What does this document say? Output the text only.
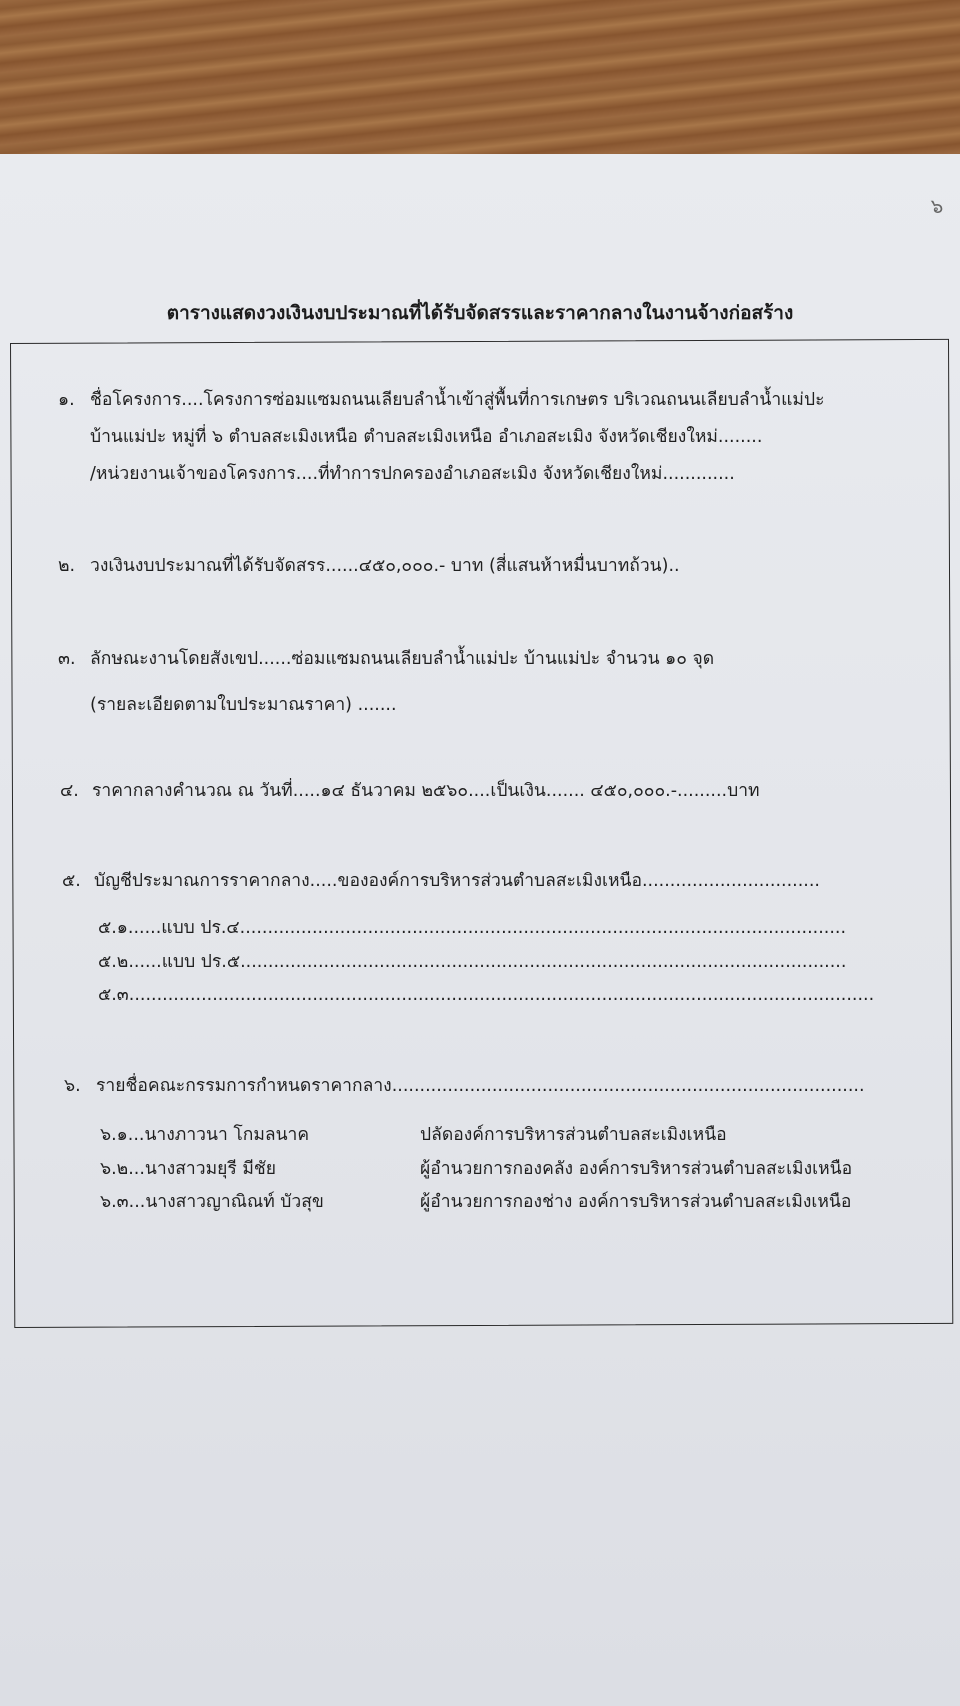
๖
ตารางแสดงวงเงินงบประมาณที่ได้รับจัดสรรและราคากลางในงานจ้างก่อสร้าง
๑. ชื่อโครงการ....โครงการซ่อมแซมถนนเลียบลำน้ำเข้าสู่พื้นที่การเกษตร บริเวณถนนเลียบลำน้ำแม่ปะ
บ้านแม่ปะ หมู่ที่ ๖ ตำบลสะเมิงเหนือ ตำบลสะเมิงเหนือ อำเภอสะเมิง จังหวัดเชียงใหม่........
/หน่วยงานเจ้าของโครงการ....ที่ทำการปกครองอำเภอสะเมิง จังหวัดเชียงใหม่.............
๒. วงเงินงบประมาณที่ได้รับจัดสรร......๔๕๐,๐๐๐.- บาท (สี่แสนห้าหมื่นบาทถ้วน)..
๓. ลักษณะงานโดยสังเขป......ซ่อมแซมถนนเลียบลำน้ำแม่ปะ บ้านแม่ปะ จำนวน ๑๐ จุด
(รายละเอียดตามใบประมาณราคา) .......
๔. ราคากลางคำนวณ ณ วันที่.....๑๔ ธันวาคม ๒๕๖๐....เป็นเงิน....... ๔๕๐,๐๐๐.-.........บาท
๕. บัญชีประมาณการราคากลาง.....ขององค์การบริหารส่วนตำบลสะเมิงเหนือ................................
๕.๑......แบบ ปร.๔.............................................................................................................
๕.๒......แบบ ปร.๕.............................................................................................................
๕.๓......................................................................................................................................
๖. รายชื่อคณะกรรมการกำหนดราคากลาง.....................................................................................
๖.๑...นางภาวนา โกมลนาค	ปลัดองค์การบริหารส่วนตำบลสะเมิงเหนือ
๖.๒...นางสาวมยุรี มีชัย	ผู้อำนวยการกองคลัง องค์การบริหารส่วนตำบลสะเมิงเหนือ
๖.๓...นางสาวญาณิณท์ บัวสุข	ผู้อำนวยการกองช่าง องค์การบริหารส่วนตำบลสะเมิงเหนือ
